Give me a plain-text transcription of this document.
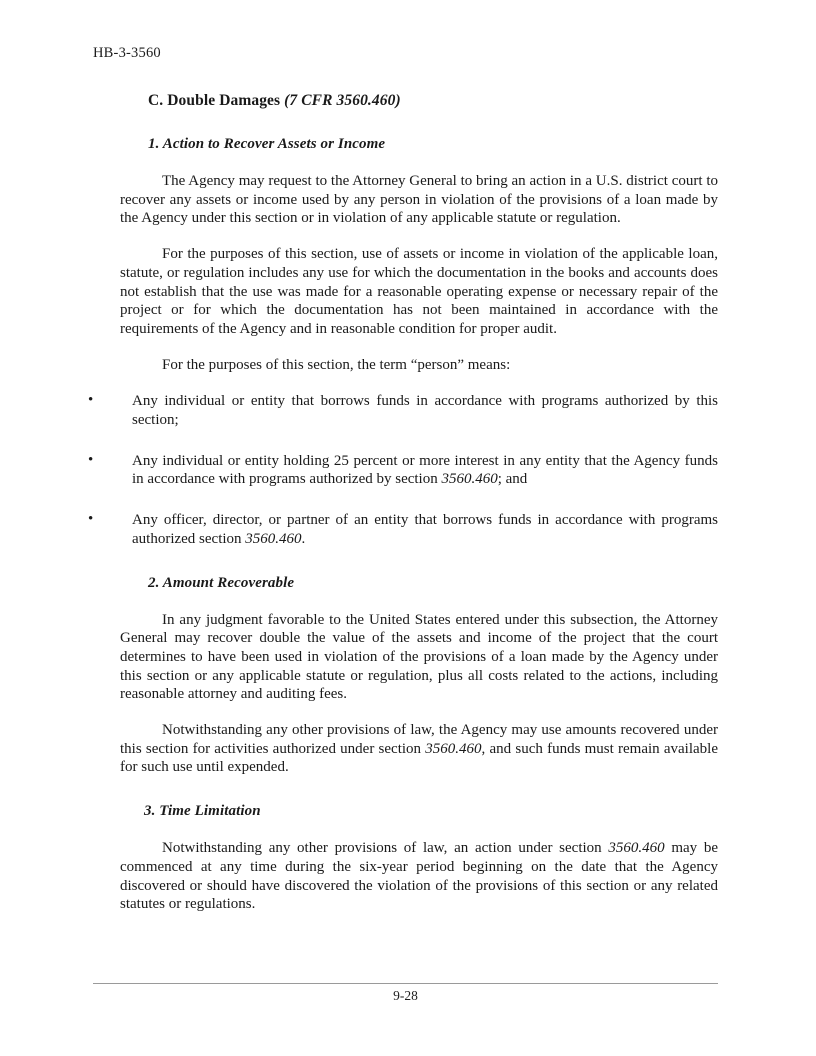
HB-3-3560
C. Double Damages (7 CFR 3560.460)
1. Action to Recover Assets or Income

The Agency may request to the Attorney General to bring an action in a U.S. district court to recover any assets or income used by any person in violation of the provisions of a loan made by the Agency under this section or in violation of any applicable statute or regulation.

For the purposes of this section, use of assets or income in violation of the applicable loan, statute, or regulation includes any use for which the documentation in the books and accounts does not establish that the use was made for a reasonable operating expense or necessary repair of the project or for which the documentation has not been maintained in accordance with the requirements of the Agency and in reasonable condition for proper audit.

For the purposes of this section, the term “person” means:

•	Any individual or entity that borrows funds in accordance with programs authorized by this section;
•	Any individual or entity holding 25 percent or more interest in any entity that the Agency funds in accordance with programs authorized by section 3560.460; and
•	Any officer, director, or partner of an entity that borrows funds in accordance with programs authorized section 3560.460.
2. Amount Recoverable

In any judgment favorable to the United States entered under this subsection, the Attorney General may recover double the value of the assets and income of the project that the court determines to have been used in violation of the provisions of a loan made by the Agency under this section or any applicable statute or regulation, plus all costs related to the actions, including reasonable attorney and auditing fees.

Notwithstanding any other provisions of law, the Agency may use amounts recovered under this section for activities authorized under section 3560.460, and such funds must remain available for such use until expended.

3. Time Limitation

Notwithstanding any other provisions of law, an action under section 3560.460 may be commenced at any time during the six-year period beginning on the date that the Agency discovered or should have discovered the violation of the provisions of this section or any related statutes or regulations.

9-28
